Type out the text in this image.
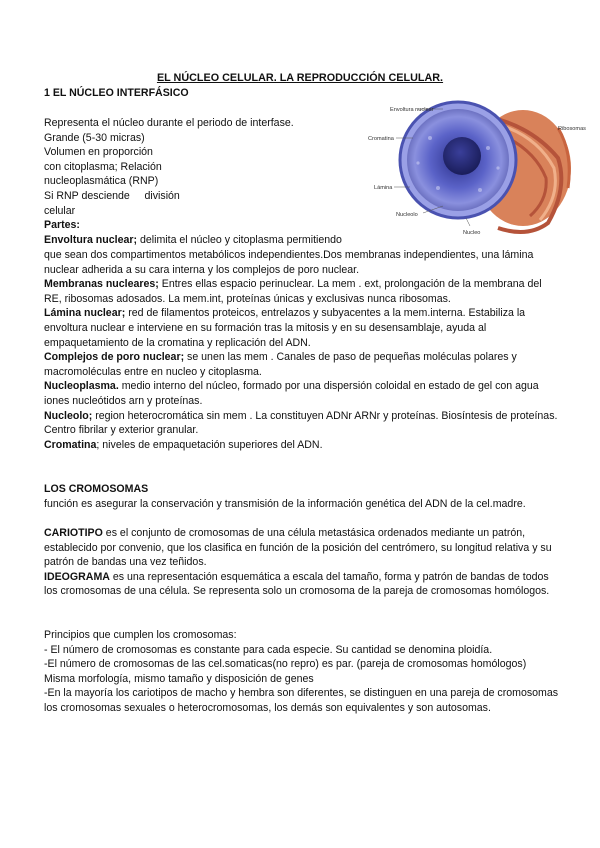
EL NÚCLEO CELULAR. LA REPRODUCCIÓN CELULAR.

1 EL NÚCLEO INTERFÁSICO

Envoltura nuclear
Cromatina
Lámina
Nucleolo
Ribosomas
Nucleo

Representa el núcleo durante el periodo de interfase.

Grande (5-30 micras)

Volumen en proporción

con citoplasma; Relación

nucleoplasmática (RNP)

Si RNP desciende     división

celular

Partes:

Envoltura nuclear; delimita el núcleo y citoplasma permitiendo

que sean dos compartimentos metabólicos independientes.Dos membranas independientes, una lámina nuclear adherida a su cara interna y los complejos de poro nuclear.

Membranas nucleares; Entres ellas espacio perinuclear. La mem . ext, prolongación de la membrana del RE, ribosomas adosados. La mem.int, proteínas únicas y exclusivas nunca ribosomas.

Lámina nuclear; red de filamentos proteicos, entrelazos y subyacentes a la mem.interna. Estabiliza la envoltura nuclear e interviene en su formación tras la mitosis y en su desensamblaje, ayuda al empaquetamiento de la cromatina y replicación del ADN.

Complejos de poro nuclear; se unen las mem . Canales de paso de pequeñas moléculas polares y macromoléculas entre en nucleo y citoplasma.

Nucleoplasma. medio interno del núcleo, formado por una dispersión coloidal en estado de gel con agua iones nucleótidos arn y proteínas.

Nucleolo; region heterocromática sin mem . La constituyen ADNr ARNr y proteínas. Biosíntesis de proteínas. Centro fibrilar y exterior granular.

Cromatina; niveles de empaquetación superiores del ADN.

LOS CROMOSOMAS

función es asegurar la conservación y transmisión de la información genética del ADN de la cel.madre.

CARIOTIPO es el conjunto de cromosomas de una célula metastásica ordenados mediante un patrón, establecido por convenio, que los clasifica en función de la posición del centrómero, su longitud relativa y su patrón de bandas una vez teñidos.

IDEOGRAMA es una representación esquemática a escala del tamaño, forma y patrón de bandas de todos los cromosomas de una célula. Se representa solo un cromosoma de la pareja de cromosomas homólogos.

Principios que cumplen los cromosomas:

- El número de cromosomas es constante para cada especie. Su cantidad se denomina ploidía.

-El número de cromosomas de las cel.somaticas(no repro) es par. (pareja de cromosomas homólogos)

Misma morfología, mismo tamaño y disposición de genes

-En la mayoría los cariotipos de macho y hembra son diferentes, se distinguen en una pareja de cromosomas los cromosomas sexuales o heterocromosomas, los demás son equivalentes y son autosomas.
